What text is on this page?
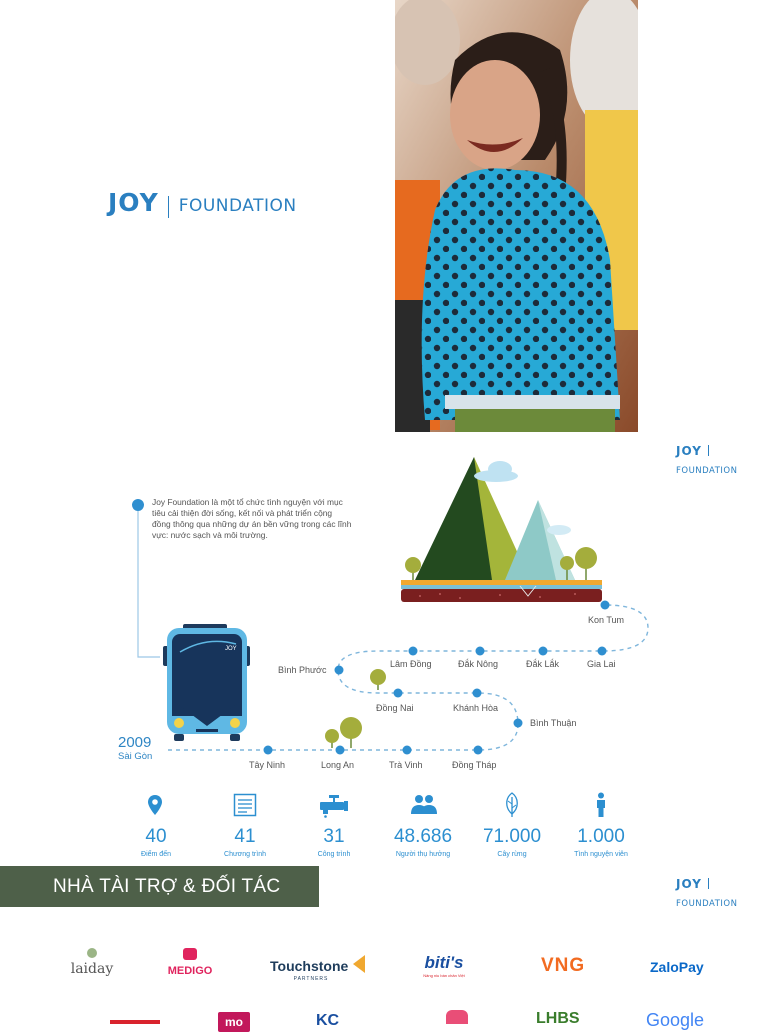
JOY FOUNDATION
JOY  FOUNDATION
Joy Foundation là một tổ chức tình nguyện với mục tiêu cải thiện đời sống, kết nối và phát triển cộng đồng thông qua những dự án bền vững trong các lĩnh vực: nước sạch và môi trường.
JOY
2009
Sài Gòn
Tây Ninh	Long An	Trà Vinh	Đồng Tháp
Bình Thuận
Đồng Nai	Khánh Hòa
Bình Phước
Lâm Đồng	Đắk Nông	Đắk Lắk	Gia Lai
Kon Tum
40
Điểm đến
41
Chương trình
31
Công trình
48.686
Người thụ hưởng
71.000
Cây rừng
1.000
Tình nguyện viên
NHÀ TÀI TRỢ & ĐỐI TÁC	JOY  FOUNDATION
laiday	MEDIGO	Touchstone
PARTNERS
biti's
Nâng niu bàn chân Việt	VNG	ZaloPay
mo	KC	LHBS	Google
